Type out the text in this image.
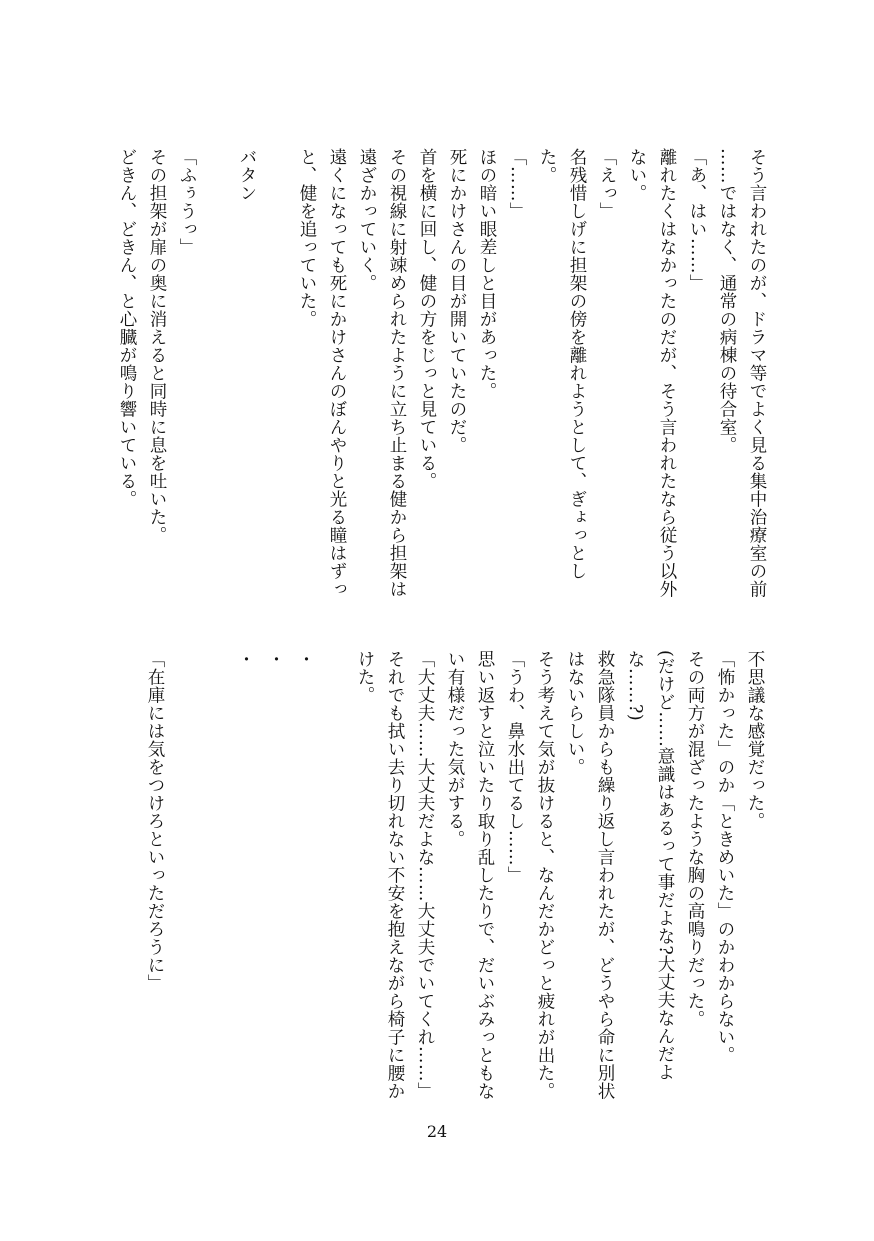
そう言われたのが、ドラマ等でよく見る集中治療室の前
……ではなく、通常の病棟の待合室。
「あ、はい……」
離れたくはなかったのだが、そう言われたなら従う以外
ない。
「えっ」
名残惜しげに担架の傍を離れようとして、ぎょっとし
た。
「……」
ほの暗い眼差しと目があった。
死にかけさんの目が開いていたのだ。
首を横に回し、健の方をじっと見ている。
その視線に射竦められたように立ち止まる健から担架は
遠ざかっていく。
遠くになっても死にかけさんのぼんやりと光る瞳はずっ
と、健を追っていた。
バタン
「ふぅうっ」
その担架が扉の奥に消えると同時に息を吐いた。
どきん、どきん、と心臓が鳴り響いている。
不思議な感覚だった。
「怖かった」のか「ときめいた」のかわからない。
その両方が混ざったような胸の高鳴りだった。
(だけど……意識はあるって事だよな?大丈夫なんだよ
な……?)
救急隊員からも繰り返し言われたが、どうやら命に別状
はないらしい。
そう考えて気が抜けると、なんだかどっと疲れが出た。
「うわ、鼻水出てるし……」
思い返すと泣いたり取り乱したりで、だいぶみっともな
い有様だった気がする。
「大丈夫……大丈夫だよな……大丈夫でいてくれ……」
それでも拭い去り切れない不安を抱えながら椅子に腰か
けた。
・
・
・
「在庫には気をつけろといっただろうに」
24
